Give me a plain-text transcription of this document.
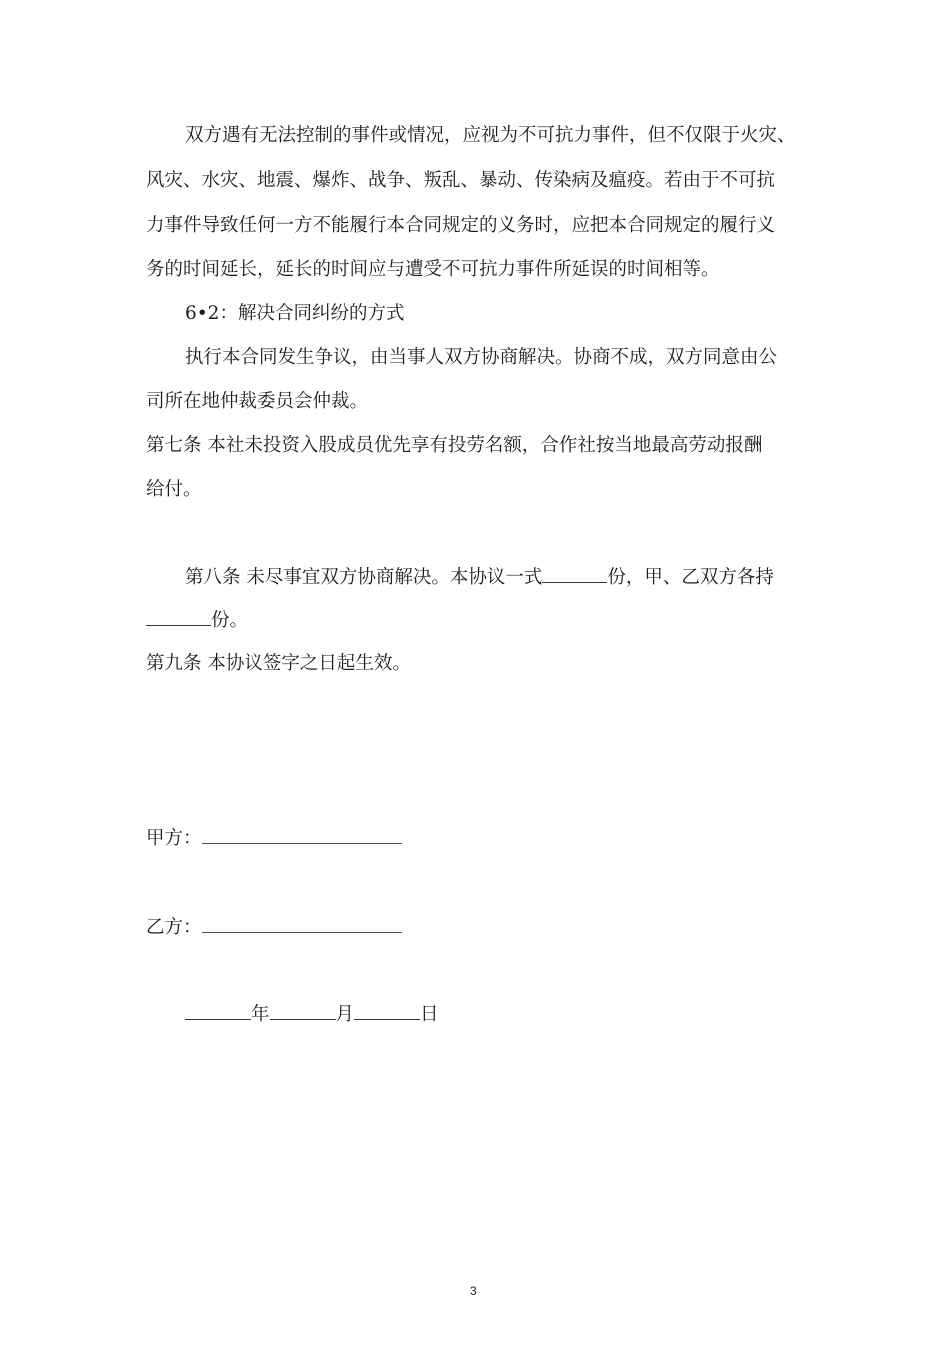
双方遇有无法控制的事件或情况，应视为不可抗力事件，但不仅限于火灾、
风灾、水灾、地震、爆炸、战争、叛乱、暴动、传染病及瘟疫。若由于不可抗
力事件导致任何一方不能履行本合同规定的义务时，应把本合同规定的履行义
务的时间延长，延长的时间应与遭受不可抗力事件所延误的时间相等。
6•2：解决合同纠纷的方式
执行本合同发生争议，由当事人双方协商解决。协商不成，双方同意由公
司所在地仲裁委员会仲裁。
第七条 本社未投资入股成员优先享有投劳名额，合作社按当地最高劳动报酬
给付。
第八条 未尽事宜双方协商解决。本协议一式	份，甲、乙双方各持
份。
第九条 本协议签字之日起生效。
甲方：
乙方：
年	月	日
3
